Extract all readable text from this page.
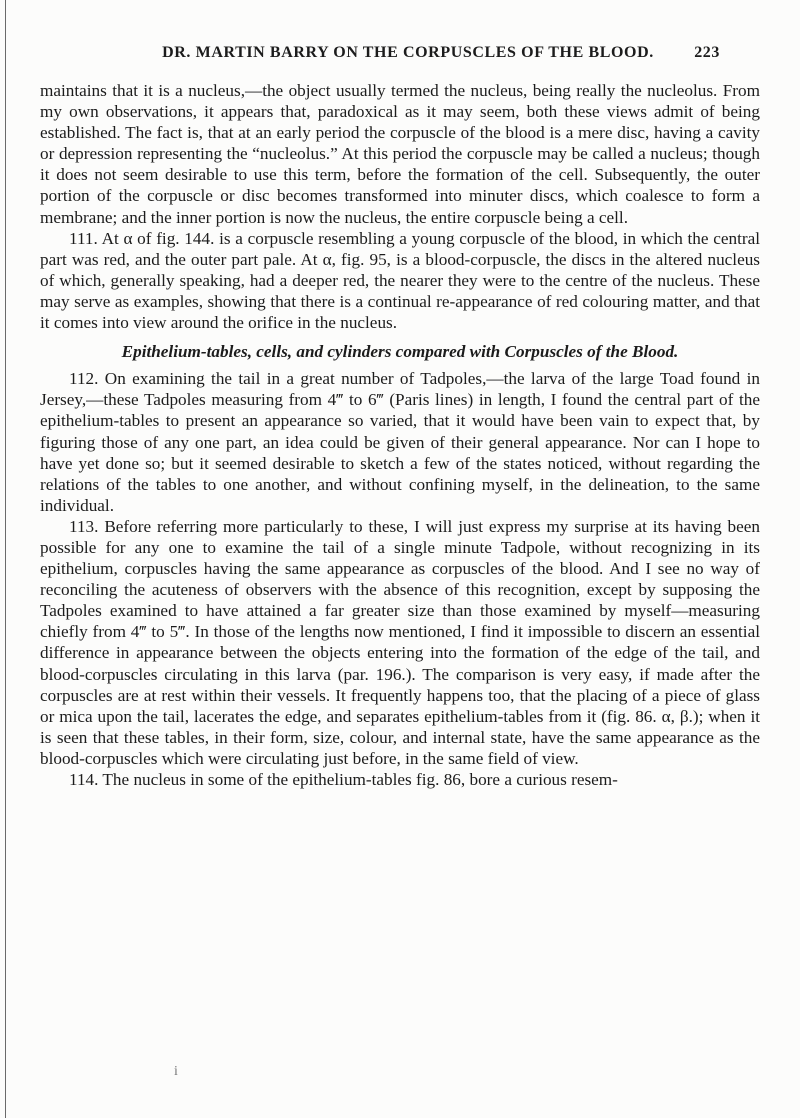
DR. MARTIN BARRY ON THE CORPUSCLES OF THE BLOOD.	223

maintains that it is a nucleus,—the object usually termed the nucleus, being really the nucleolus. From my own observations, it appears that, paradoxical as it may seem, both these views admit of being established. The fact is, that at an early period the corpuscle of the blood is a mere disc, having a cavity or depression representing the “nucleolus.” At this period the corpuscle may be called a nucleus; though it does not seem desirable to use this term, before the formation of the cell. Subsequently, the outer portion of the corpuscle or disc becomes transformed into minuter discs, which coalesce to form a membrane; and the inner portion is now the nucleus, the entire corpuscle being a cell.

111. At α of fig. 144. is a corpuscle resembling a young corpuscle of the blood, in which the central part was red, and the outer part pale. At α, fig. 95, is a blood-corpuscle, the discs in the altered nucleus of which, generally speaking, had a deeper red, the nearer they were to the centre of the nucleus. These may serve as examples, showing that there is a continual re-appearance of red colouring matter, and that it comes into view around the orifice in the nucleus.

Epithelium-tables, cells, and cylinders compared with Corpuscles of the Blood.

112. On examining the tail in a great number of Tadpoles,—the larva of the large Toad found in Jersey,—these Tadpoles measuring from 4‴ to 6‴ (Paris lines) in length, I found the central part of the epithelium-tables to present an appearance so varied, that it would have been vain to expect that, by figuring those of any one part, an idea could be given of their general appearance. Nor can I hope to have yet done so; but it seemed desirable to sketch a few of the states noticed, without regarding the relations of the tables to one another, and without confining myself, in the delineation, to the same individual.

113. Before referring more particularly to these, I will just express my surprise at its having been possible for any one to examine the tail of a single minute Tadpole, without recognizing in its epithelium, corpuscles having the same appearance as corpuscles of the blood. And I see no way of reconciling the acuteness of observers with the absence of this recognition, except by supposing the Tadpoles examined to have attained a far greater size than those examined by myself—measuring chiefly from 4‴ to 5‴. In those of the lengths now mentioned, I find it impossible to discern an essential difference in appearance between the objects entering into the formation of the edge of the tail, and blood-corpuscles circulating in this larva (par. 196.). The comparison is very easy, if made after the corpuscles are at rest within their vessels. It frequently happens too, that the placing of a piece of glass or mica upon the tail, lacerates the edge, and separates epithelium-tables from it (fig. 86. α, β.); when it is seen that these tables, in their form, size, colour, and internal state, have the same appearance as the blood-corpuscles which were circulating just before, in the same field of view.

114. The nucleus in some of the epithelium-tables fig. 86, bore a curious resem-

i
